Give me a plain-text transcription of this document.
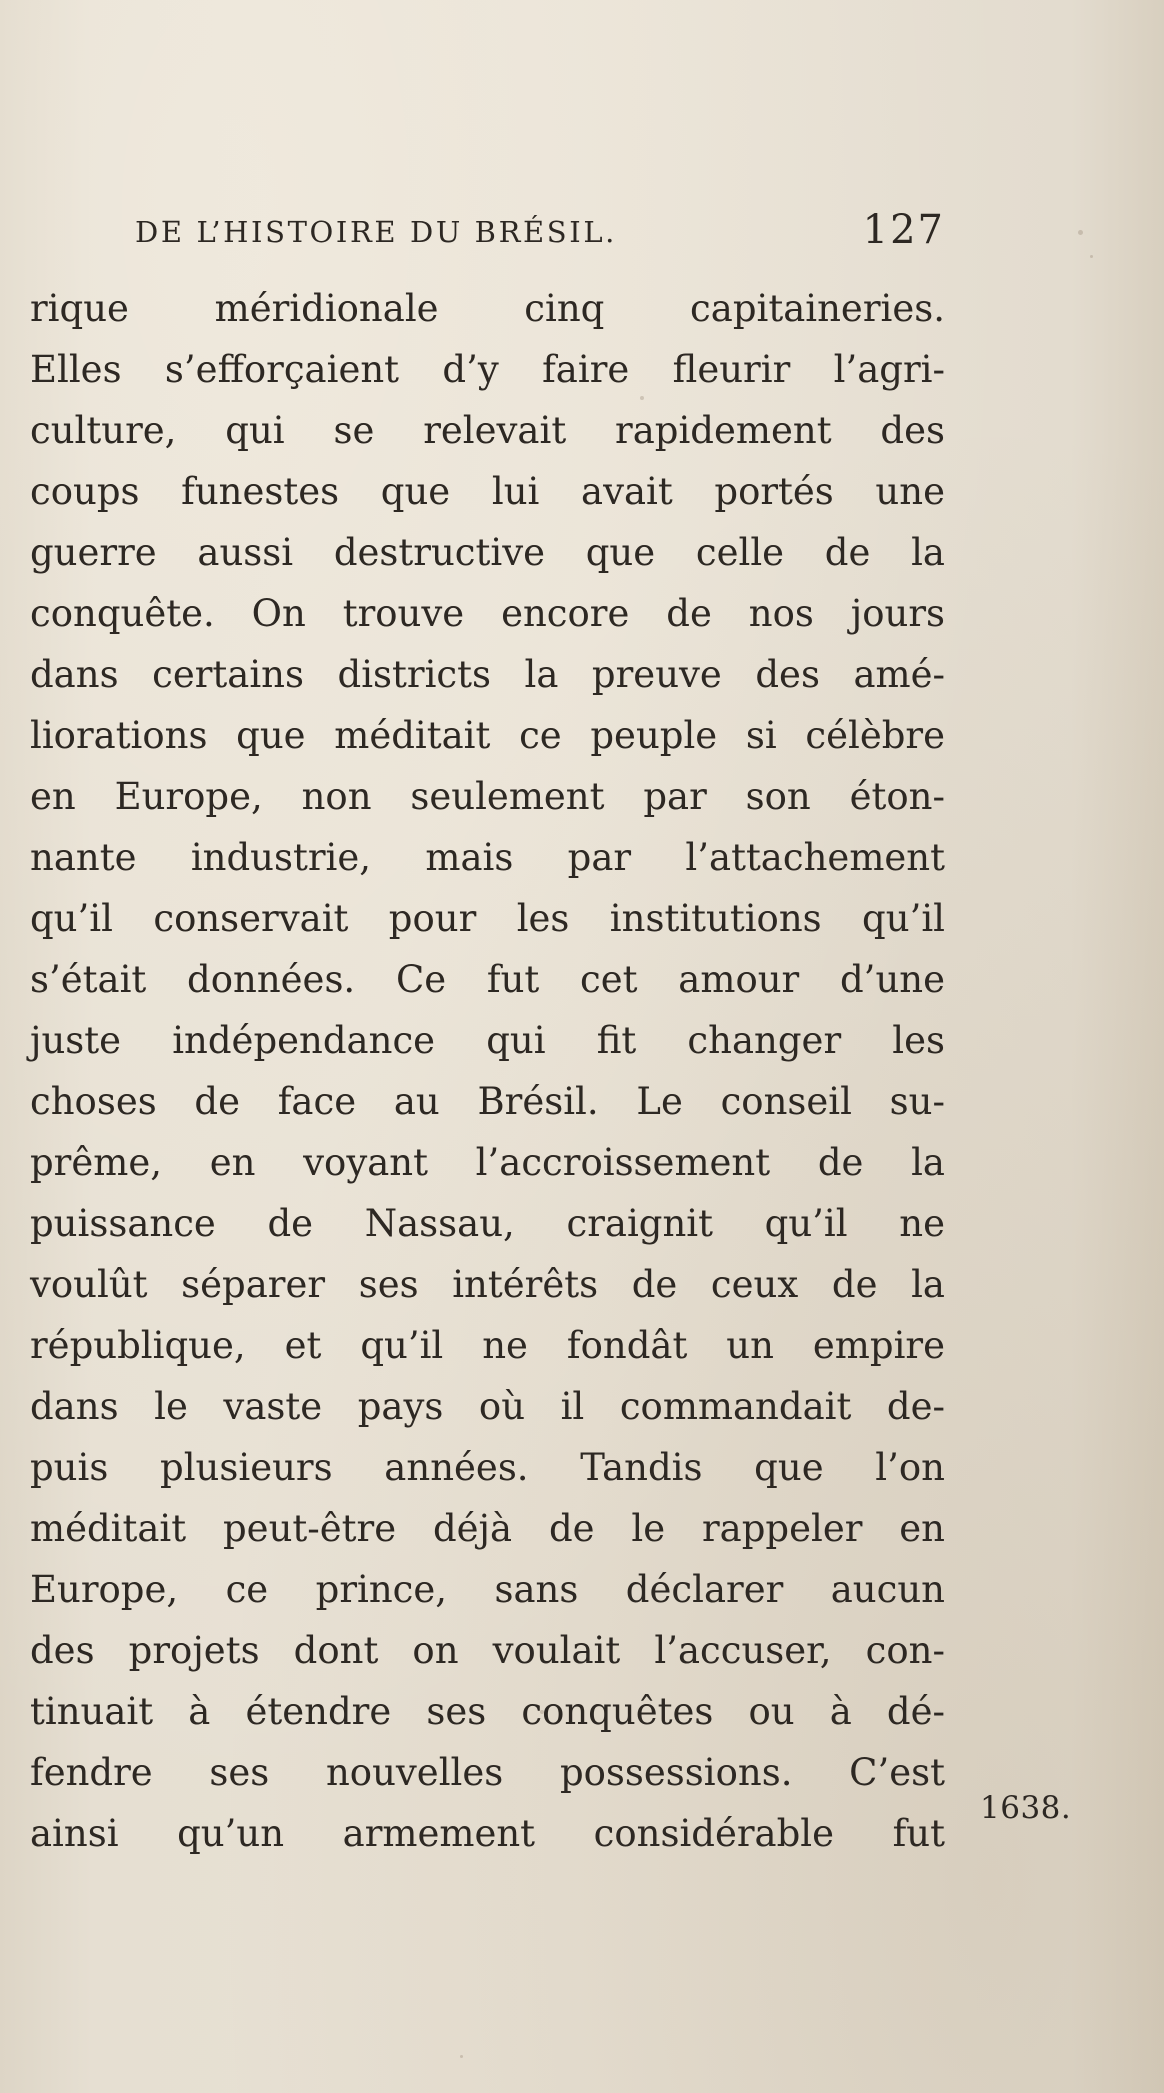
DE L’HISTOIRE DU BRÉSIL.	127
rique méridionale cinq capitaineries.
Elles s’efforçaient d’y faire fleurir l’agri-
culture, qui se relevait rapidement des
coups funestes que lui avait portés une
guerre aussi destructive que celle de la
conquête. On trouve encore de nos jours
dans certains districts la preuve des amé-
liorations que méditait ce peuple si célèbre
en Europe, non seulement par son éton-
nante industrie, mais par l’attachement
qu’il conservait pour les institutions qu’il
s’était données. Ce fut cet amour d’une
juste indépendance qui fit changer les
choses de face au Brésil. Le conseil su-
prême, en voyant l’accroissement de la
puissance de Nassau, craignit qu’il ne
voulût séparer ses intérêts de ceux de la
république, et qu’il ne fondât un empire
dans le vaste pays où il commandait de-
puis plusieurs années. Tandis que l’on
méditait peut-être déjà de le rappeler en
Europe, ce prince, sans déclarer aucun
des projets dont on voulait l’accuser, con-
tinuait à étendre ses conquêtes ou à dé-
fendre ses nouvelles possessions. C’est
ainsi qu’un armement considérable fut
1638.
